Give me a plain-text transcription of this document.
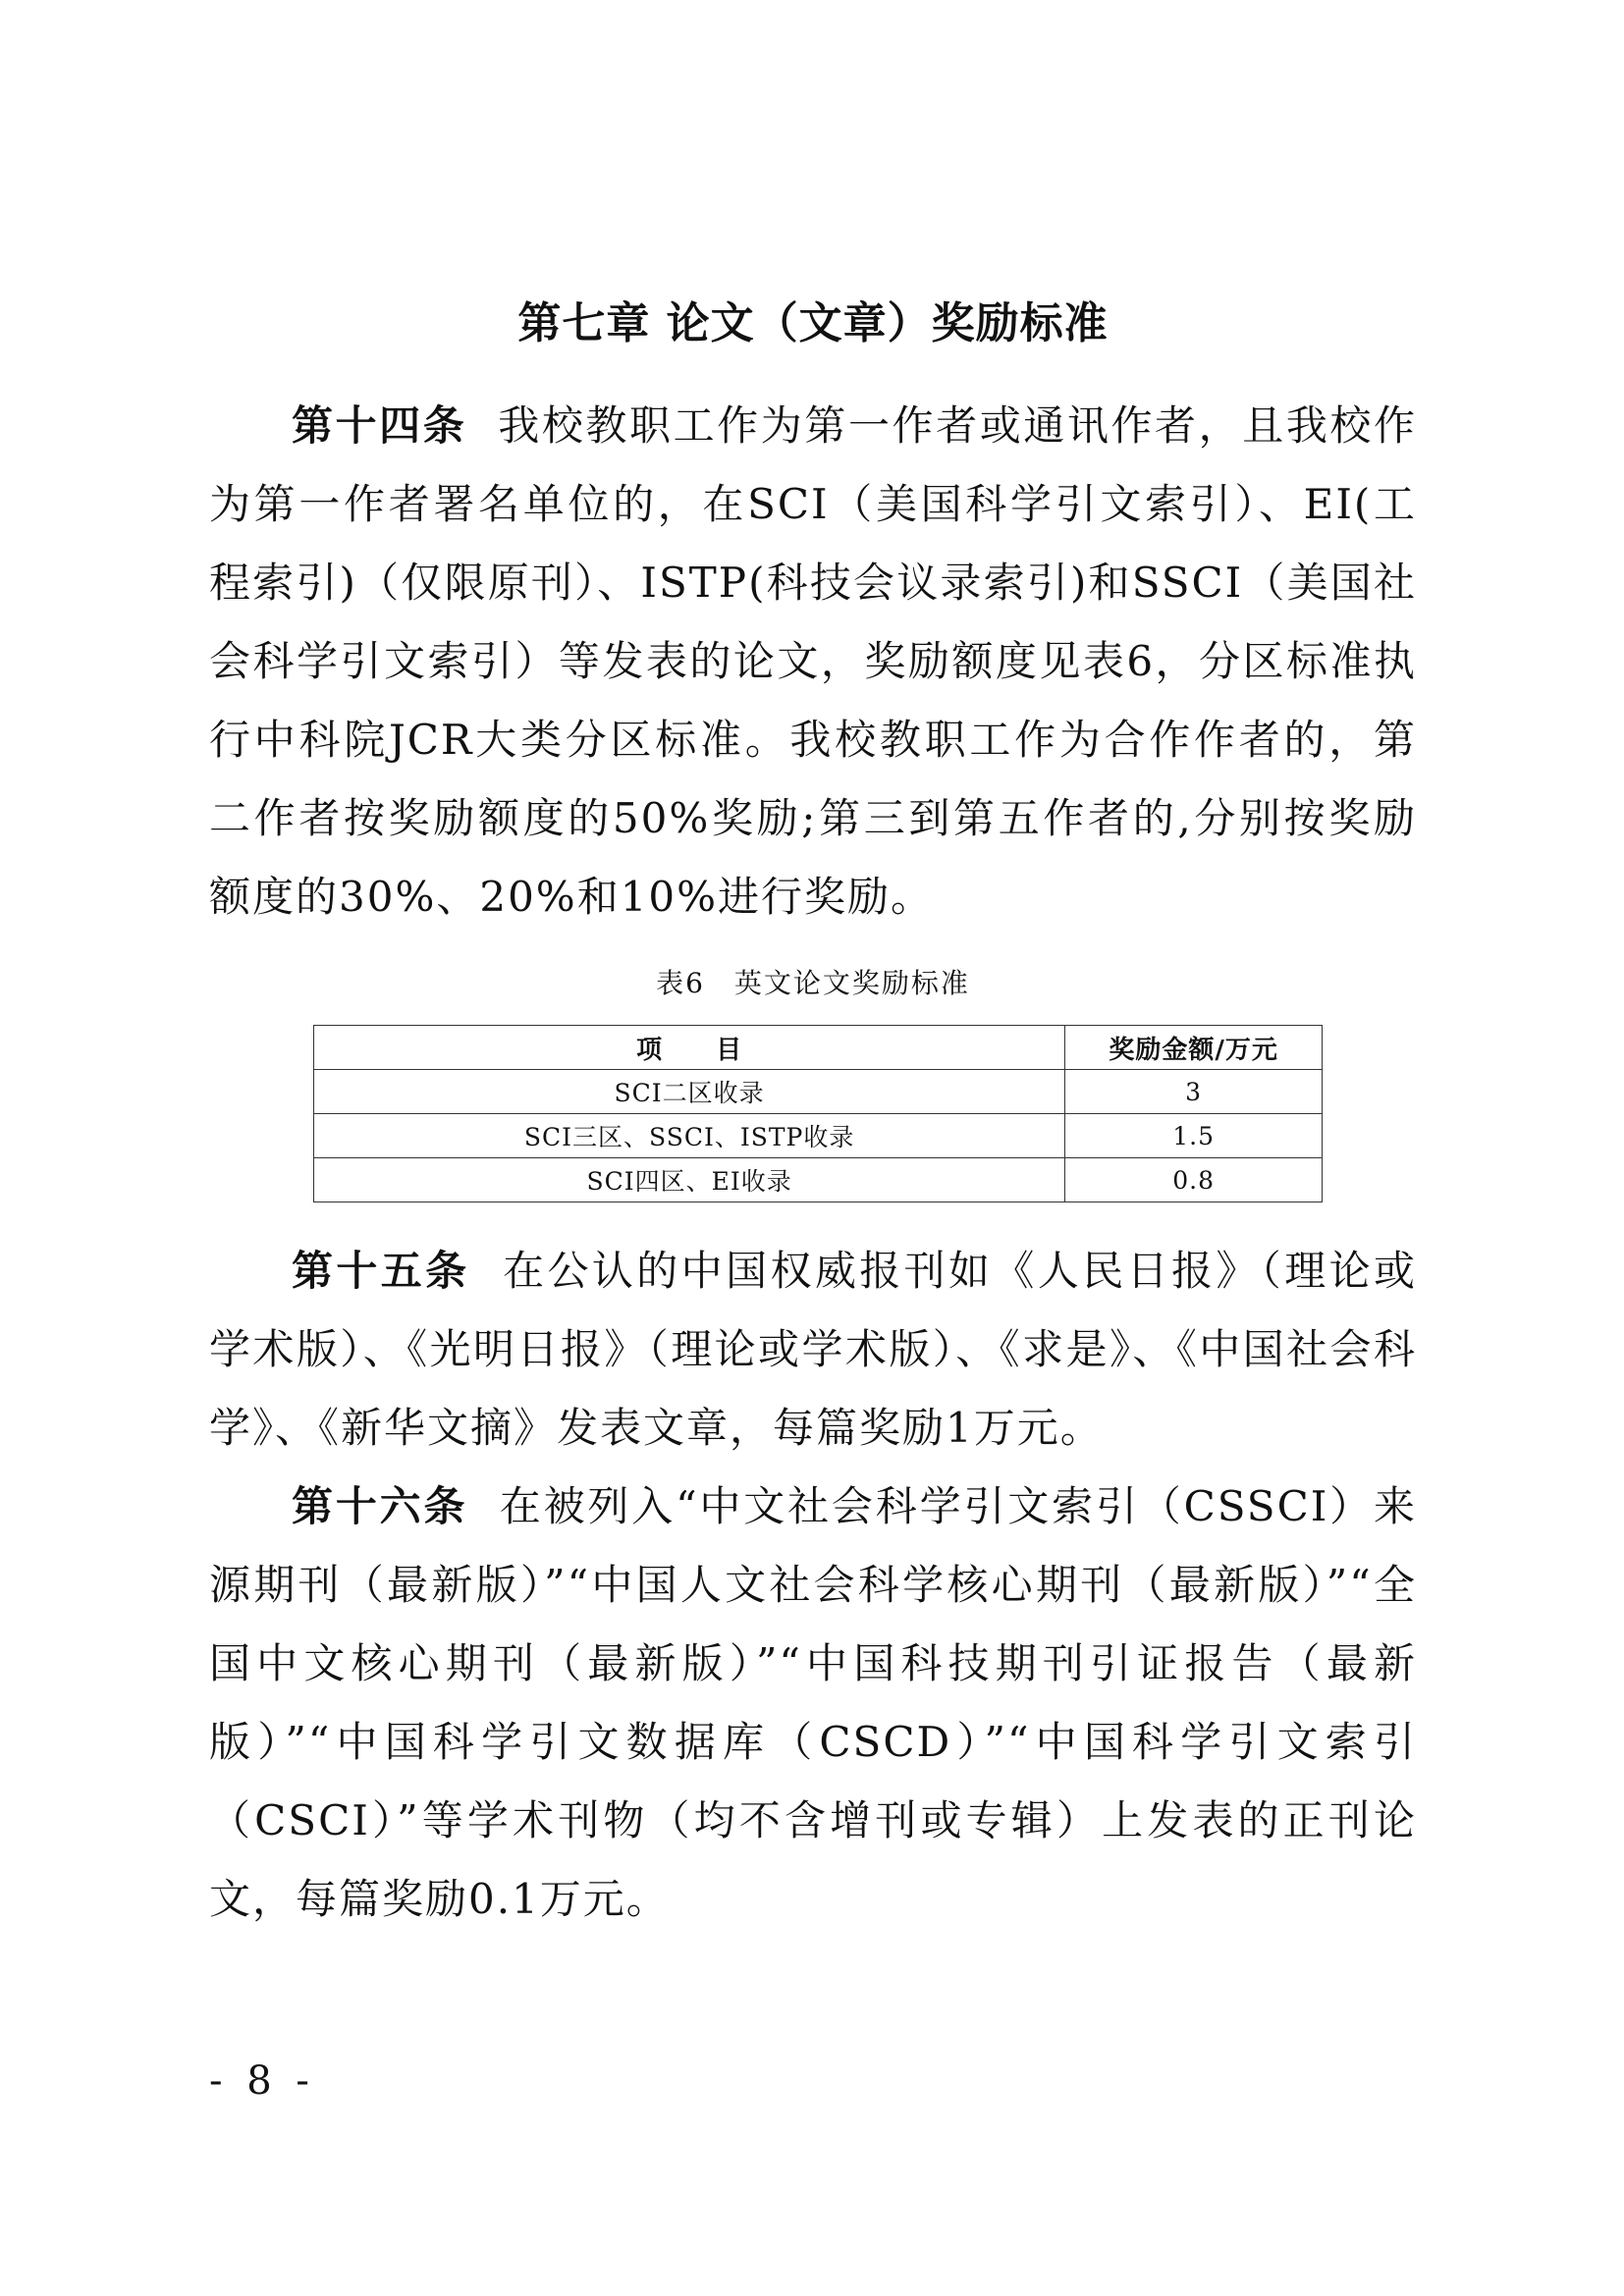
第七章 论文（文章）奖励标准

第十四条 我校教职工作为第一作者或通讯作者，且我校作为第一作者署名单位的，在SCI（美国科学引文索引）、EI(工程索引)（仅限原刊）、ISTP(科技会议录索引)和SSCI（美国社会科学引文索引）等发表的论文，奖励额度见表6，分区标准执行中科院JCR大类分区标准。我校教职工作为合作作者的，第二作者按奖励额度的50%奖励;第三到第五作者的,分别按奖励额度的30%、20%和10%进行奖励。

表6　英文论文奖励标准
项　　目	奖励金额/万元
SCI二区收录	3
SCI三区、SSCI、ISTP收录	1.5
SCI四区、EI收录	0.8

第十五条 在公认的中国权威报刊如《人民日报》（理论或学术版）、《光明日报》（理论或学术版）、《求是》、《中国社会科学》、《新华文摘》发表文章，每篇奖励1万元。

第十六条 在被列入“中文社会科学引文索引（CSSCI）来源期刊（最新版）”“中国人文社会科学核心期刊（最新版）”“全国中文核心期刊（最新版）”“中国科技期刊引证报告（最新版）”“中国科学引文数据库（CSCD）”“中国科学引文索引（CSCI）”等学术刊物（均不含增刊或专辑）上发表的正刊论文，每篇奖励0.1万元。

- 8 -
